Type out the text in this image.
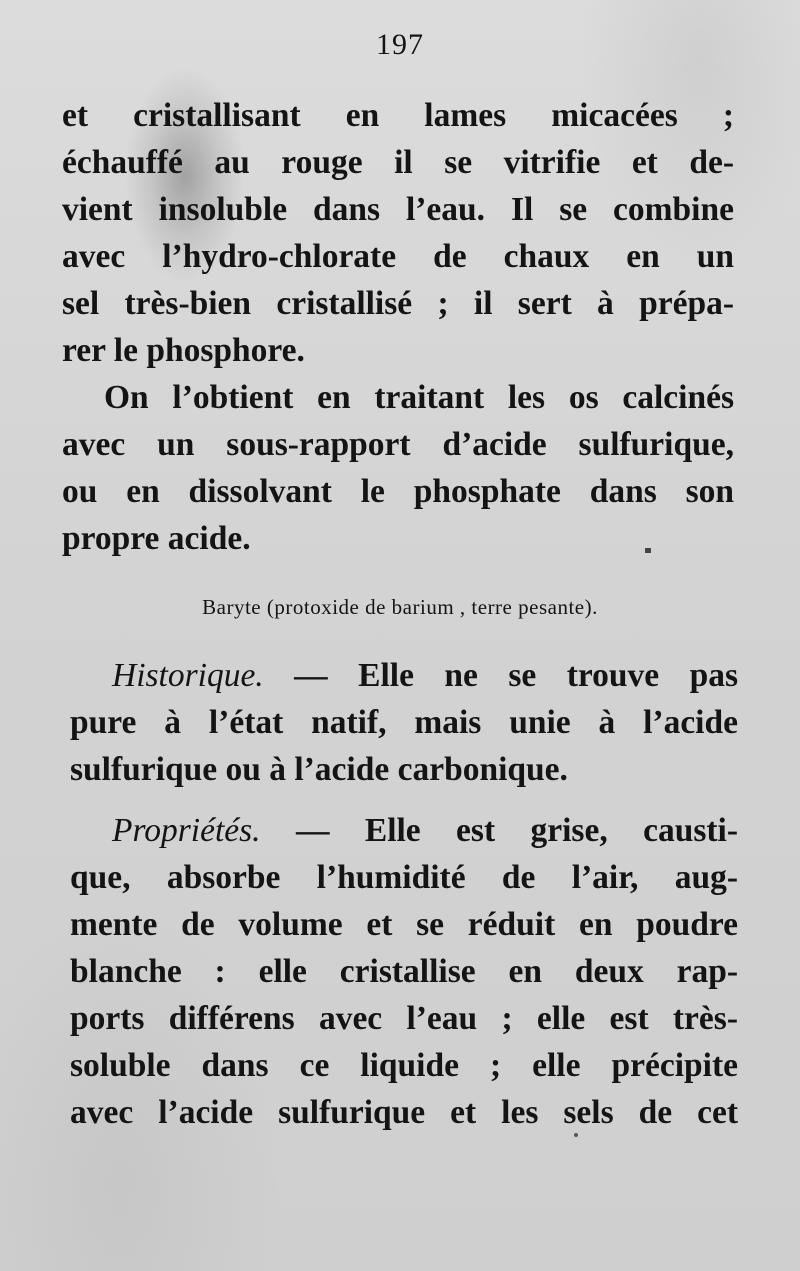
197
et cristallisant en lames micacées ;
échauffé au rouge il se vitrifie et de-
vient insoluble dans l’eau. Il se combine
avec l’hydro-chlorate de chaux en un
sel très-bien cristallisé ; il sert à prépa-
rer le phosphore.
On l’obtient en traitant les os calcinés
avec un sous-rapport d’acide sulfurique,
ou en dissolvant le phosphate dans son
propre acide.
Baryte (protoxide de barium , terre pesante).
Historique. — Elle ne se trouve pas
pure à l’état natif, mais unie à l’acide
sulfurique ou à l’acide carbonique.
Propriétés. — Elle est grise, causti-
que, absorbe l’humidité de l’air, aug-
mente de volume et se réduit en poudre
blanche : elle cristallise en deux rap-
ports différens avec l’eau ; elle est très-
soluble dans ce liquide ; elle précipite
avec l’acide sulfurique et les sels de cet
